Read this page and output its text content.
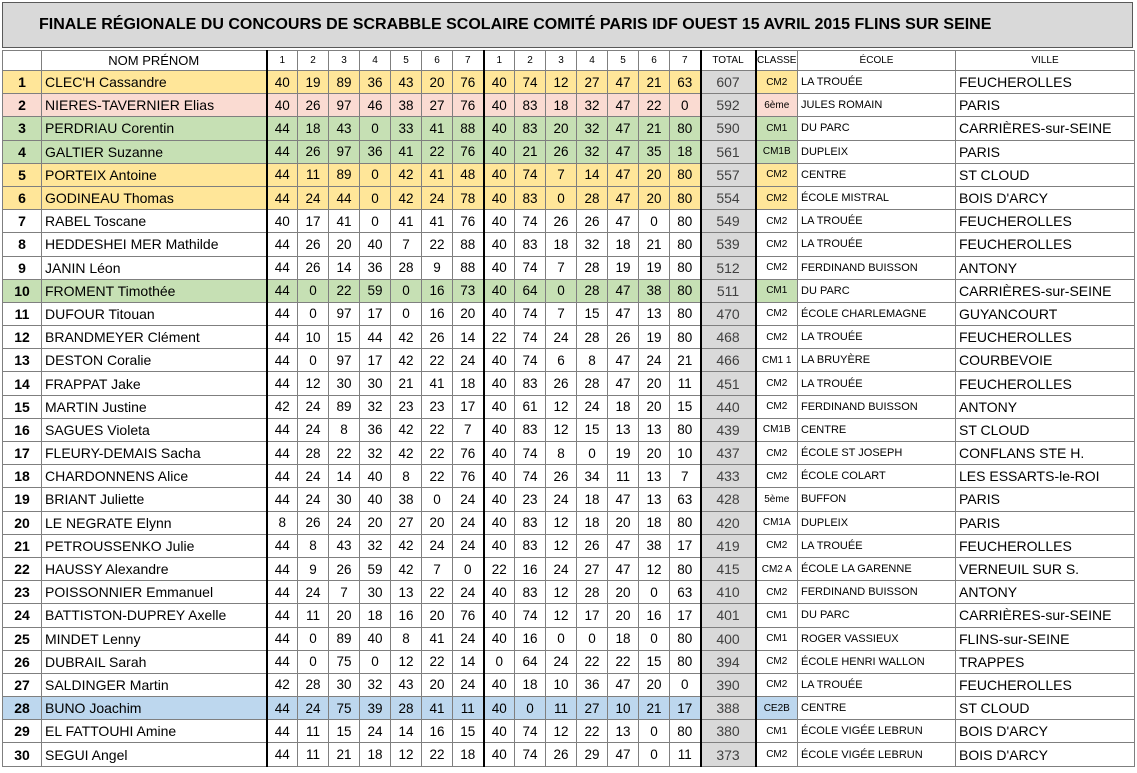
FINALE RÉGIONALE DU CONCOURS DE SCRABBLE SCOLAIRE COMITÉ PARIS IDF OUEST 15 AVRIL 2015 FLINS SUR SEINE
	NOM PRÉNOM	1	2	3	4	5	6	7	1	2	3	4	5	6	7	TOTAL	CLASSE	ÉCOLE	VILLE
1	CLEC'H Cassandre	40	19	89	36	43	20	76	40	74	12	27	47	21	63	607	CM2	LA TROUÉE	FEUCHEROLLES
2	NIERES-TAVERNIER Elias	40	26	97	46	38	27	76	40	83	18	32	47	22	0	592	6ème	JULES ROMAIN	PARIS
3	PERDRIAU Corentin	44	18	43	0	33	41	88	40	83	20	32	47	21	80	590	CM1	DU PARC	CARRIÈRES-sur-SEINE
4	GALTIER Suzanne	44	26	97	36	41	22	76	40	21	26	32	47	35	18	561	CM1B	DUPLEIX	PARIS
5	PORTEIX Antoine	44	11	89	0	42	41	48	40	74	7	14	47	20	80	557	CM2	CENTRE	ST CLOUD
6	GODINEAU Thomas	44	24	44	0	42	24	78	40	83	0	28	47	20	80	554	CM2	ÉCOLE MISTRAL	BOIS D'ARCY
7	RABEL Toscane	40	17	41	0	41	41	76	40	74	26	26	47	0	80	549	CM2	LA TROUÉE	FEUCHEROLLES
8	HEDDESHEI MER Mathilde	44	26	20	40	7	22	88	40	83	18	32	18	21	80	539	CM2	LA TROUÉE	FEUCHEROLLES
9	JANIN Léon	44	26	14	36	28	9	88	40	74	7	28	19	19	80	512	CM2	FERDINAND BUISSON	ANTONY
10	FROMENT Timothée	44	0	22	59	0	16	73	40	64	0	28	47	38	80	511	CM1	DU PARC	CARRIÈRES-sur-SEINE
11	DUFOUR Titouan	44	0	97	17	0	16	20	40	74	7	15	47	13	80	470	CM2	ÉCOLE CHARLEMAGNE	GUYANCOURT
12	BRANDMEYER Clément	44	10	15	44	42	26	14	22	74	24	28	26	19	80	468	CM2	LA TROUÉE	FEUCHEROLLES
13	DESTON Coralie	44	0	97	17	42	22	24	40	74	6	8	47	24	21	466	CM1 1	LA BRUYÈRE	COURBEVOIE
14	FRAPPAT Jake	44	12	30	30	21	41	18	40	83	26	28	47	20	11	451	CM2	LA TROUÉE	FEUCHEROLLES
15	MARTIN Justine	42	24	89	32	23	23	17	40	61	12	24	18	20	15	440	CM2	FERDINAND BUISSON	ANTONY
16	SAGUES Violeta	44	24	8	36	42	22	7	40	83	12	15	13	13	80	439	CM1B	CENTRE	ST CLOUD
17	FLEURY-DEMAIS Sacha	44	28	22	32	42	22	76	40	74	8	0	19	20	10	437	CM2	ÉCOLE ST JOSEPH	CONFLANS STE H.
18	CHARDONNENS Alice	44	24	14	40	8	22	76	40	74	26	34	11	13	7	433	CM2	ÉCOLE COLART	LES ESSARTS-le-ROI
19	BRIANT Juliette	44	24	30	40	38	0	24	40	23	24	18	47	13	63	428	5ème	BUFFON	PARIS
20	LE NEGRATE Elynn	8	26	24	20	27	20	24	40	83	12	18	20	18	80	420	CM1A	DUPLEIX	PARIS
21	PETROUSSENKO Julie	44	8	43	32	42	24	24	40	83	12	26	47	38	17	419	CM2	LA TROUÉE	FEUCHEROLLES
22	HAUSSY Alexandre	44	9	26	59	42	7	0	22	16	24	27	47	12	80	415	CM2 A	ÉCOLE LA GARENNE	VERNEUIL SUR S.
23	POISSONNIER Emmanuel	44	24	7	30	13	22	24	40	83	12	28	20	0	63	410	CM2	FERDINAND BUISSON	ANTONY
24	BATTISTON-DUPREY Axelle	44	11	20	18	16	20	76	40	74	12	17	20	16	17	401	CM1	DU PARC	CARRIÈRES-sur-SEINE
25	MINDET Lenny	44	0	89	40	8	41	24	40	16	0	0	18	0	80	400	CM1	ROGER VASSIEUX	FLINS-sur-SEINE
26	DUBRAIL Sarah	44	0	75	0	12	22	14	0	64	24	22	22	15	80	394	CM2	ÉCOLE HENRI WALLON	TRAPPES
27	SALDINGER Martin	42	28	30	32	43	20	24	40	18	10	36	47	20	0	390	CM2	LA TROUÉE	FEUCHEROLLES
28	BUNO Joachim	44	24	75	39	28	41	11	40	0	11	27	10	21	17	388	CE2B	CENTRE	ST CLOUD
29	EL FATTOUHI Amine	44	11	15	24	14	16	15	40	74	12	22	13	0	80	380	CM1	ÉCOLE VIGÉE LEBRUN	BOIS D'ARCY
30	SEGUI Angel	44	11	21	18	12	22	18	40	74	26	29	47	0	11	373	CM2	ÉCOLE VIGÉE LEBRUN	BOIS D'ARCY
